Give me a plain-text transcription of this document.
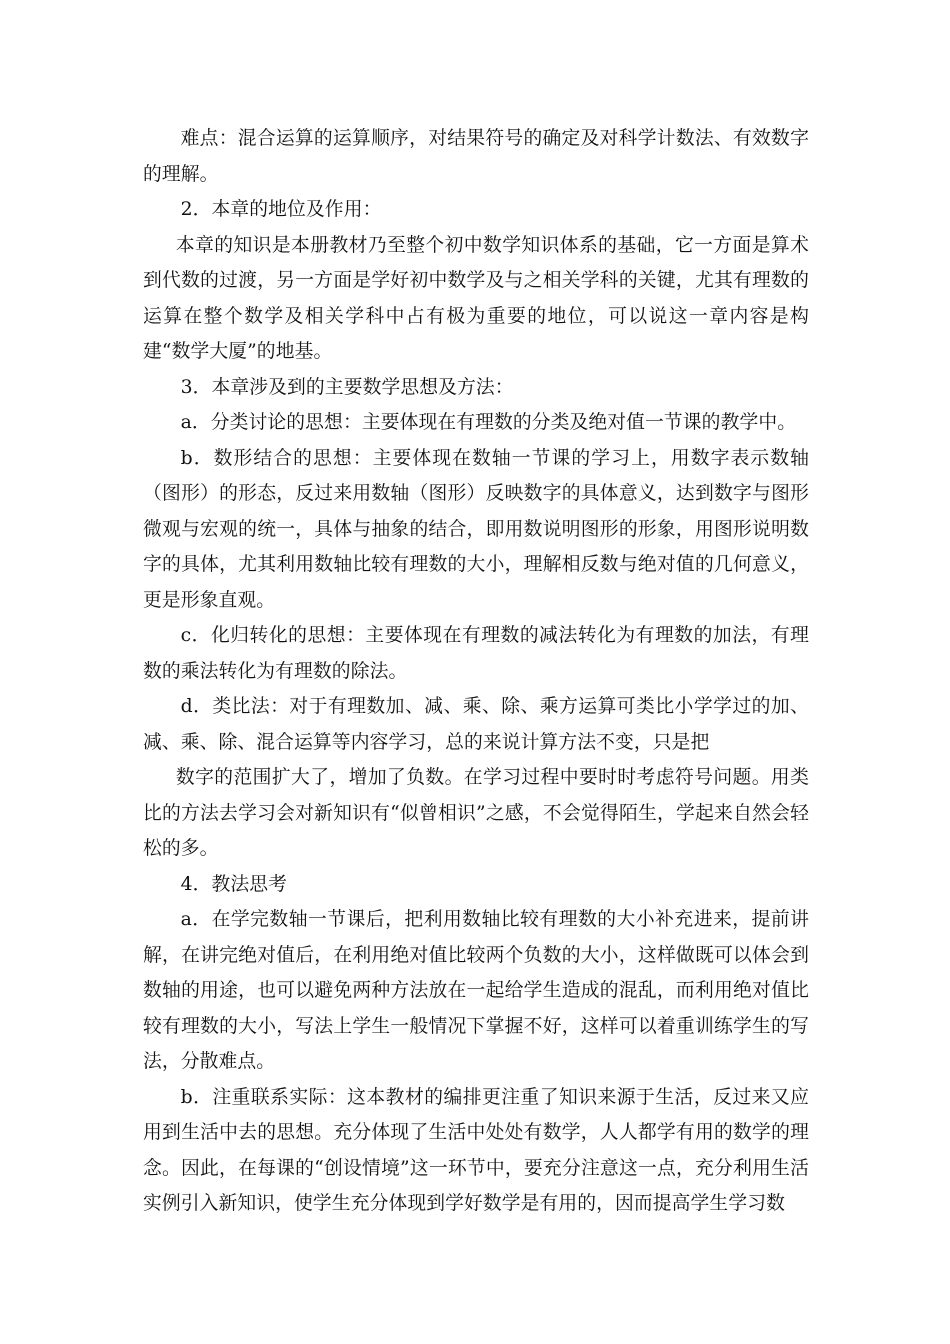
难点：混合运算的运算顺序，对结果符号的确定及对科学计数法、有效数字的理解。

2．本章的地位及作用：

本章的知识是本册教材乃至整个初中数学知识体系的基础，它一方面是算术到代数的过渡，另一方面是学好初中数学及与之相关学科的关键，尤其有理数的运算在整个数学及相关学科中占有极为重要的地位，可以说这一章内容是构建“数学大厦”的地基。

3．本章涉及到的主要数学思想及方法：

a．分类讨论的思想：主要体现在有理数的分类及绝对值一节课的教学中。

b．数形结合的思想：主要体现在数轴一节课的学习上，用数字表示数轴（图形）的形态，反过来用数轴（图形）反映数字的具体意义，达到数字与图形微观与宏观的统一，具体与抽象的结合，即用数说明图形的形象，用图形说明数字的具体，尤其利用数轴比较有理数的大小，理解相反数与绝对值的几何意义，更是形象直观。

c．化归转化的思想：主要体现在有理数的减法转化为有理数的加法，有理数的乘法转化为有理数的除法。

d．类比法：对于有理数加、减、乘、除、乘方运算可类比小学学过的加、减、乘、除、混合运算等内容学习，总的来说计算方法不变，只是把

数字的范围扩大了，增加了负数。在学习过程中要时时考虑符号问题。用类比的方法去学习会对新知识有“似曾相识”之感，不会觉得陌生，学起来自然会轻松的多。

4．教法思考

a．在学完数轴一节课后，把利用数轴比较有理数的大小补充进来，提前讲解，在讲完绝对值后，在利用绝对值比较两个负数的大小，这样做既可以体会到数轴的用途，也可以避免两种方法放在一起给学生造成的混乱，而利用绝对值比较有理数的大小，写法上学生一般情况下掌握不好，这样可以着重训练学生的写法，分散难点。

b．注重联系实际：这本教材的编排更注重了知识来源于生活，反过来又应用到生活中去的思想。充分体现了生活中处处有数学，人人都学有用的数学的理念。因此，在每课的“创设情境”这一环节中，要充分注意这一点，充分利用生活实例引入新知识，使学生充分体现到学好数学是有用的，因而提高学生学习数
